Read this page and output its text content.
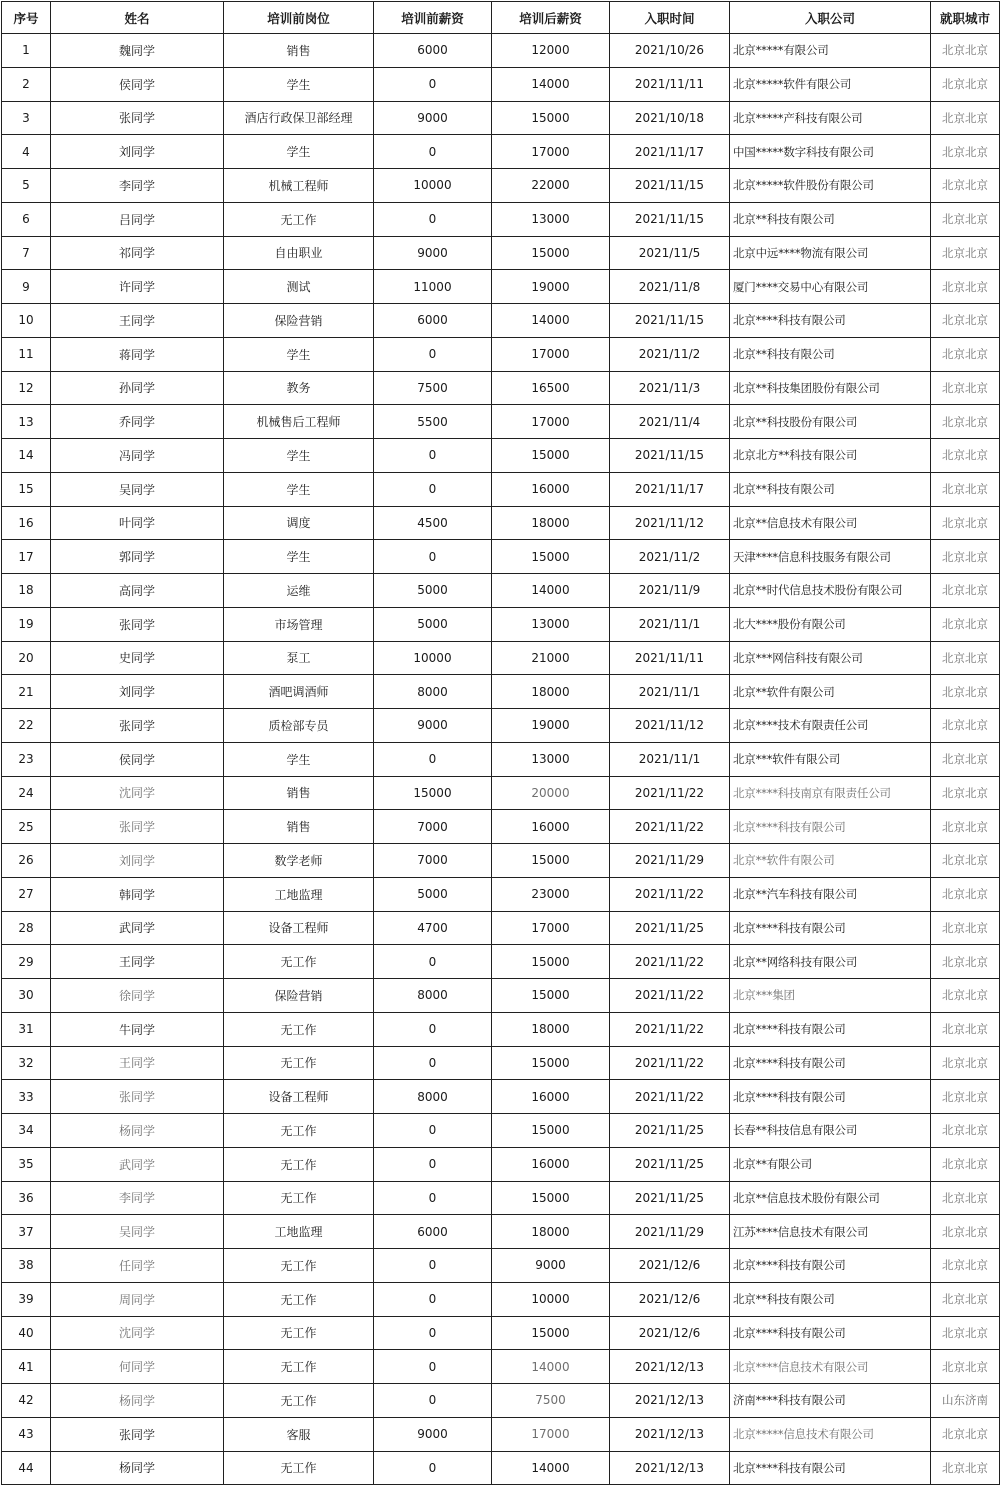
序号	姓名	培训前岗位	培训前薪资	培训后薪资	入职时间	入职公司	就职城市
1	魏同学	销售	6000	12000	2021/10/26	北京*****有限公司	北京北京
2	侯同学	学生	0	14000	2021/11/11	北京*****软件有限公司	北京北京
3	张同学	酒店行政保卫部经理	9000	15000	2021/10/18	北京*****产科技有限公司	北京北京
4	刘同学	学生	0	17000	2021/11/17	中国*****数字科技有限公司	北京北京
5	李同学	机械工程师	10000	22000	2021/11/15	北京*****软件股份有限公司	北京北京
6	吕同学	无工作	0	13000	2021/11/15	北京**科技有限公司	北京北京
7	祁同学	自由职业	9000	15000	2021/11/5	北京中远****物流有限公司	北京北京
9	许同学	测试	11000	19000	2021/11/8	厦门****交易中心有限公司	北京北京
10	王同学	保险营销	6000	14000	2021/11/15	北京****科技有限公司	北京北京
11	蒋同学	学生	0	17000	2021/11/2	北京**科技有限公司	北京北京
12	孙同学	教务	7500	16500	2021/11/3	北京**科技集团股份有限公司	北京北京
13	乔同学	机械售后工程师	5500	17000	2021/11/4	北京**科技股份有限公司	北京北京
14	冯同学	学生	0	15000	2021/11/15	北京北方**科技有限公司	北京北京
15	吴同学	学生	0	16000	2021/11/17	北京**科技有限公司	北京北京
16	叶同学	调度	4500	18000	2021/11/12	北京**信息技术有限公司	北京北京
17	郭同学	学生	0	15000	2021/11/2	天津****信息科技服务有限公司	北京北京
18	高同学	运维	5000	14000	2021/11/9	北京**时代信息技术股份有限公司	北京北京
19	张同学	市场管理	5000	13000	2021/11/1	北大****股份有限公司	北京北京
20	史同学	泵工	10000	21000	2021/11/11	北京***网信科技有限公司	北京北京
21	刘同学	酒吧调酒师	8000	18000	2021/11/1	北京**软件有限公司	北京北京
22	张同学	质检部专员	9000	19000	2021/11/12	北京****技术有限责任公司	北京北京
23	侯同学	学生	0	13000	2021/11/1	北京***软件有限公司	北京北京
24	沈同学	销售	15000	20000	2021/11/22	北京****科技南京有限责任公司	北京北京
25	张同学	销售	7000	16000	2021/11/22	北京****科技有限公司	北京北京
26	刘同学	数学老师	7000	15000	2021/11/29	北京**软件有限公司	北京北京
27	韩同学	工地监理	5000	23000	2021/11/22	北京**汽车科技有限公司	北京北京
28	武同学	设备工程师	4700	17000	2021/11/25	北京****科技有限公司	北京北京
29	王同学	无工作	0	15000	2021/11/22	北京**网络科技有限公司	北京北京
30	徐同学	保险营销	8000	15000	2021/11/22	北京***集团	北京北京
31	牛同学	无工作	0	18000	2021/11/22	北京****科技有限公司	北京北京
32	王同学	无工作	0	15000	2021/11/22	北京****科技有限公司	北京北京
33	张同学	设备工程师	8000	16000	2021/11/22	北京****科技有限公司	北京北京
34	杨同学	无工作	0	15000	2021/11/25	长春**科技信息有限公司	北京北京
35	武同学	无工作	0	16000	2021/11/25	北京**有限公司	北京北京
36	李同学	无工作	0	15000	2021/11/25	北京**信息技术股份有限公司	北京北京
37	吴同学	工地监理	6000	18000	2021/11/29	江苏****信息技术有限公司	北京北京
38	任同学	无工作	0	9000	2021/12/6	北京****科技有限公司	北京北京
39	周同学	无工作	0	10000	2021/12/6	北京**科技有限公司	北京北京
40	沈同学	无工作	0	15000	2021/12/6	北京****科技有限公司	北京北京
41	何同学	无工作	0	14000	2021/12/13	北京****信息技术有限公司	北京北京
42	杨同学	无工作	0	7500	2021/12/13	济南****科技有限公司	山东济南
43	张同学	客服	9000	17000	2021/12/13	北京*****信息技术有限公司	北京北京
44	杨同学	无工作	0	14000	2021/12/13	北京****科技有限公司	北京北京
